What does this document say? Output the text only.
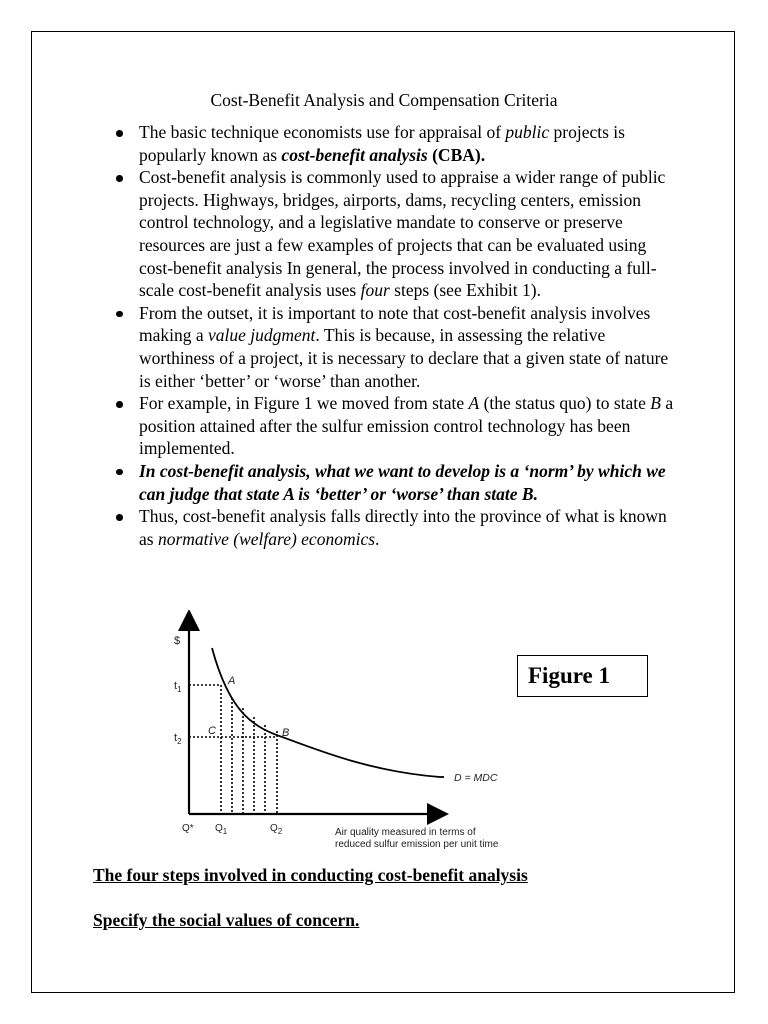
Cost-Benefit Analysis and Compensation Criteria
The basic technique economists use for appraisal of public projects is popularly known as cost-benefit analysis (CBA).
Cost-benefit analysis is commonly used to appraise a wider range of public projects. Highways, bridges, airports, dams, recycling centers, emission control technology, and a legislative mandate to conserve or preserve resources are just a few examples of projects that can be evaluated using cost-benefit analysis In general, the process involved in conducting a full-scale cost-benefit analysis uses four steps (see Exhibit 1).
From the outset, it is important to note that cost-benefit analysis involves making a value judgment. This is because, in assessing the relative worthiness of a project, it is necessary to declare that a given state of nature is either ‘better’ or ‘worse’ than another.
For example, in Figure 1 we moved from state A (the status quo) to state B a position attained after the sulfur emission control technology has been implemented.
In cost-benefit analysis, what we want to develop is a ‘norm’ by which we can judge that state A is ‘better’ or ‘worse’ than state B.
Thus, cost-benefit analysis falls directly into the province of what is known as normative (welfare) economics.
$
$t_1$
$t_2$
A
C	B
D = MDC
Q* $Q_1$	$Q_2$	Air quality measured in terms of
reduced sulfur emission per unit time
Figure 1
The four steps involved in conducting cost-benefit analysis
Specify the social values of concern.
